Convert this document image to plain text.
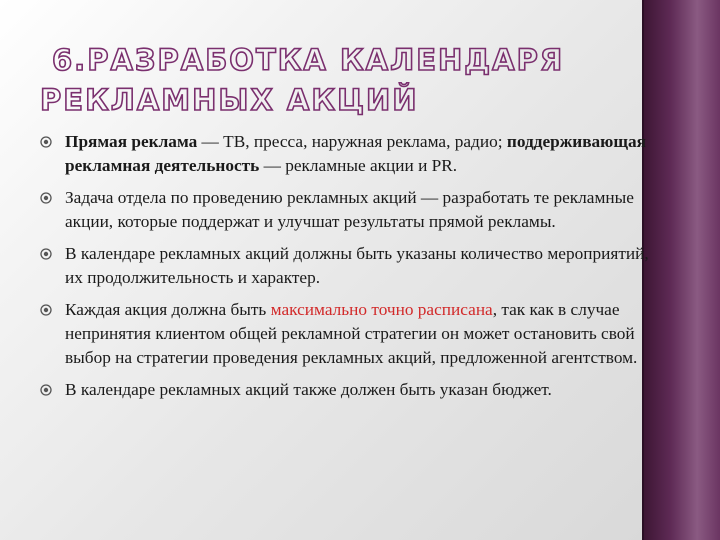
6.РАЗРАБОТКА КАЛЕНДАРЯ
РЕКЛАМНЫХ АКЦИЙ
Прямая реклама — ТВ, пресса, наружная реклама, радио; поддерживающая рекламная деятельность — рекламные акции и PR.
Задача отдела по проведению рекламных акций — разработать те рекламные акции, которые поддержат и улучшат результаты прямой рекламы.
В календаре рекламных акций должны быть указаны количество мероприятий, их продолжительность и характер.
Каждая акция должна быть максимально точно расписана, так как в случае непринятия клиентом общей рекламной стратегии он может остановить свой выбор на стратегии проведения рекламных акций, предложенной агентством.
В календаре рекламных акций также должен быть указан бюджет.
